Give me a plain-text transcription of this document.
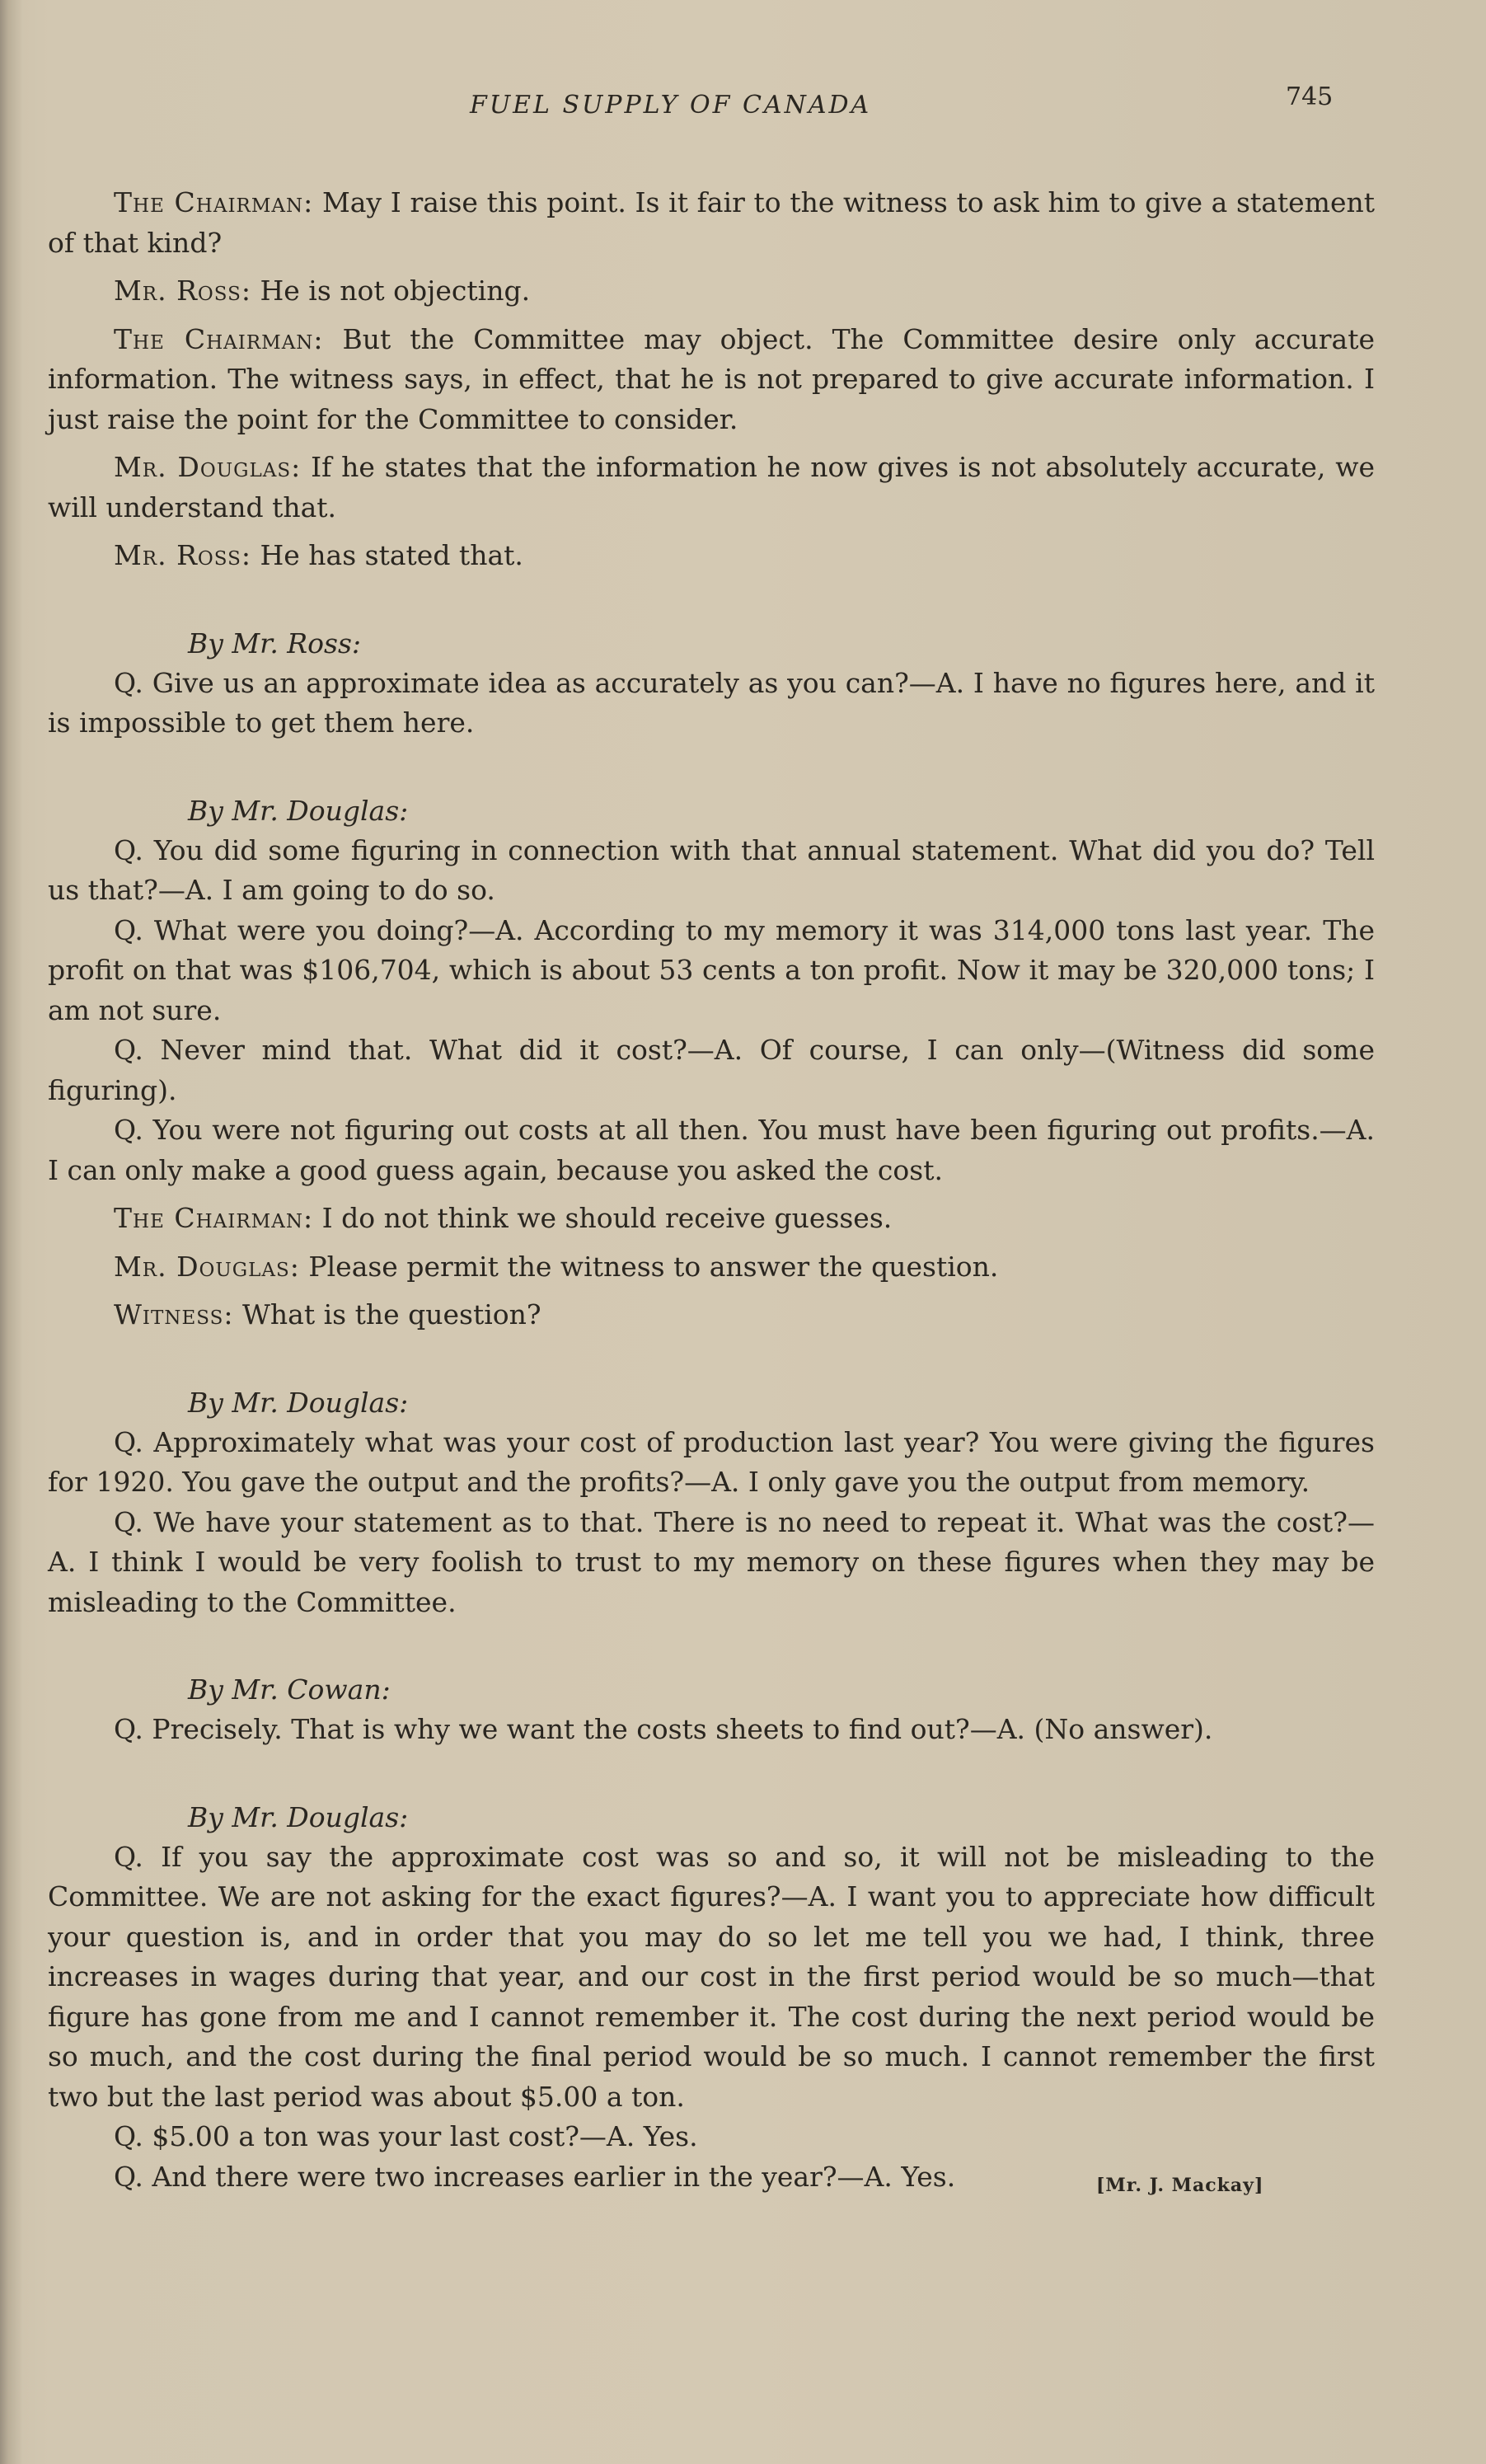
FUEL SUPPLY OF CANADA	745

The Chairman: May I raise this point. Is it fair to the witness to ask him to give a statement of that kind?

Mr. Ross: He is not objecting.

The Chairman: But the Committee may object. The Committee desire only accurate information. The witness says, in effect, that he is not prepared to give accurate information. I just raise the point for the Committee to consider.

Mr. Douglas: If he states that the information he now gives is not absolutely accurate, we will understand that.

Mr. Ross: He has stated that.

By Mr. Ross:

Q. Give us an approximate idea as accurately as you can?—A. I have no figures here, and it is impossible to get them here.

By Mr. Douglas:

Q. You did some figuring in connection with that annual statement. What did you do? Tell us that?—A. I am going to do so.

Q. What were you doing?—A. According to my memory it was 314,000 tons last year. The profit on that was $106,704, which is about 53 cents a ton profit. Now it may be 320,000 tons; I am not sure.

Q. Never mind that. What did it cost?—A. Of course, I can only—(Witness did some figuring).

Q. You were not figuring out costs at all then. You must have been figuring out profits.—A. I can only make a good guess again, because you asked the cost.

The Chairman: I do not think we should receive guesses.

Mr. Douglas: Please permit the witness to answer the question.

Witness: What is the question?

By Mr. Douglas:

Q. Approximately what was your cost of production last year? You were giving the figures for 1920. You gave the output and the profits?—A. I only gave you the output from memory.

Q. We have your statement as to that. There is no need to repeat it. What was the cost?—A. I think I would be very foolish to trust to my memory on these figures when they may be misleading to the Committee.

By Mr. Cowan:

Q. Precisely. That is why we want the costs sheets to find out?—A. (No answer).

By Mr. Douglas:

Q. If you say the approximate cost was so and so, it will not be misleading to the Committee. We are not asking for the exact figures?—A. I want you to appreciate how difficult your question is, and in order that you may do so let me tell you we had, I think, three increases in wages during that year, and our cost in the first period would be so much—that figure has gone from me and I cannot remember it. The cost during the next period would be so much, and the cost during the final period would be so much. I cannot remember the first two but the last period was about $5.00 a ton.

Q. $5.00 a ton was your last cost?—A. Yes.

Q. And there were two increases earlier in the year?—A. Yes.	[Mr. J. Mackay]
